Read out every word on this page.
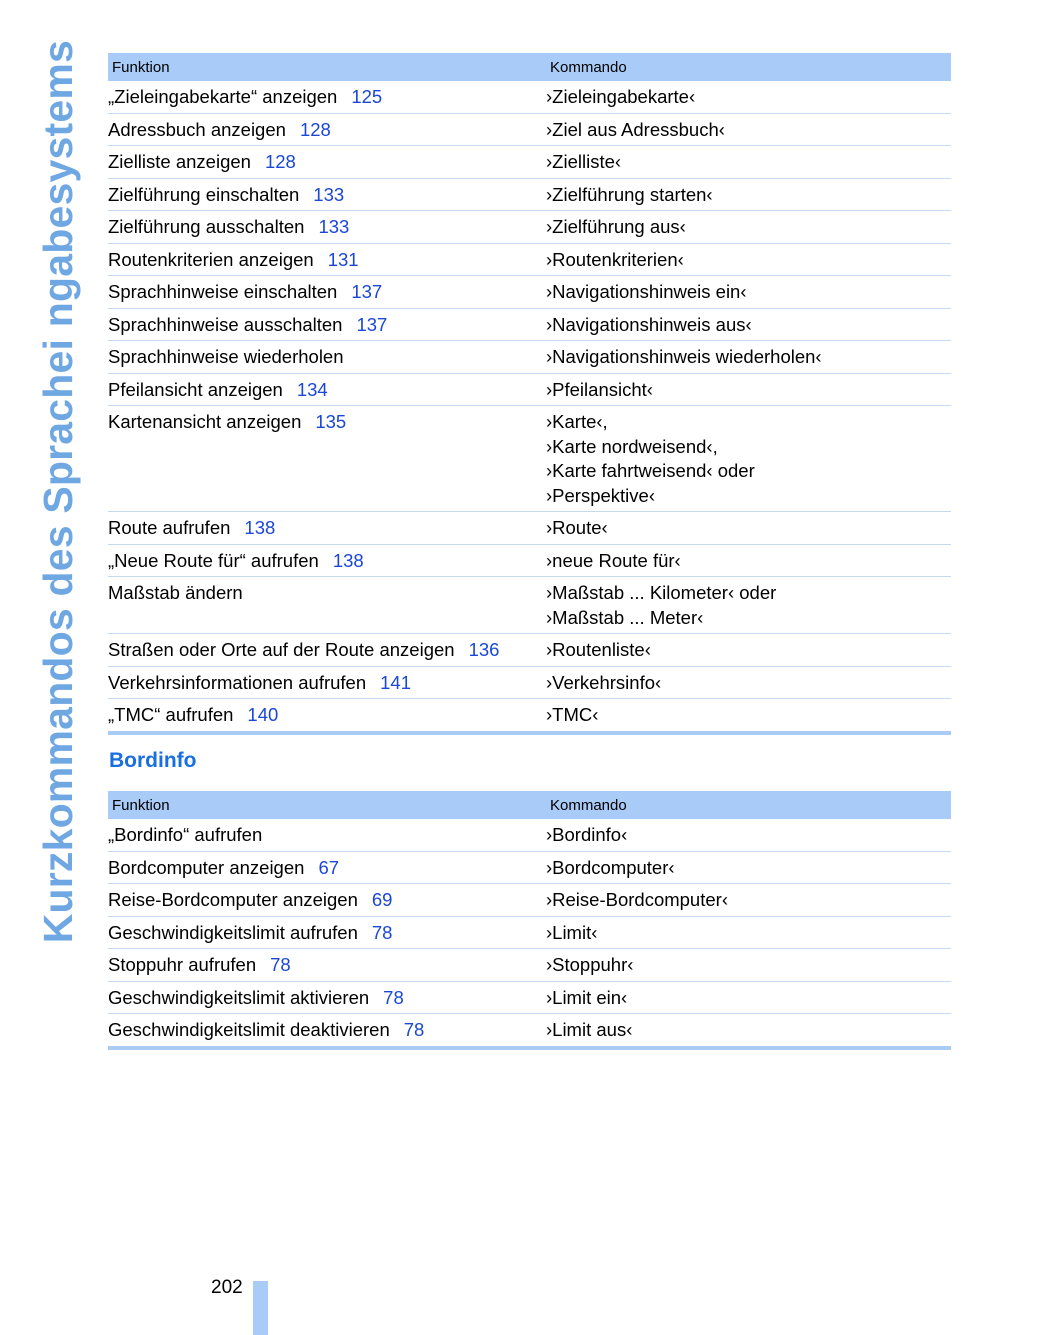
Kurzkommandos des Sprachei ngabesystems Funktion	Kommando
„Zieleingabekarte“ anzeigen 125	›Zieleingabekarte‹

Adressbuch anzeigen 128	›Ziel aus Adressbuch‹

Zielliste anzeigen 128	›Zielliste‹

Zielführung einschalten 133	›Zielführung starten‹

Zielführung ausschalten 133	›Zielführung aus‹

Routenkriterien anzeigen 131	›Routenkriterien‹

Sprachhinweise einschalten 137	›Navigationshinweis ein‹

Sprachhinweise ausschalten 137	›Navigationshinweis aus‹

Sprachhinweise wiederholen	›Navigationshinweis wiederholen‹

Pfeilansicht anzeigen 134	›Pfeilansicht‹

Kartenansicht anzeigen 135	›Karte‹,
›Karte nordweisend‹,
›Karte fahrtweisend‹ oder
›Perspektive‹

Route aufrufen 138	›Route‹

„Neue Route für“ aufrufen 138	›neue Route für‹

Maßstab ändern	›Maßstab ... Kilometer‹ oder
›Maßstab ... Meter‹

Straßen oder Orte auf der Route anzeigen 136	›Routenliste‹

Verkehrsinformationen aufrufen 141	›Verkehrsinfo‹

„TMC“ aufrufen 140	›TMC‹
Bordinfo
Funktion	Kommando
„Bordinfo“ aufrufen	›Bordinfo‹

Bordcomputer anzeigen 67	›Bordcomputer‹

Reise-Bordcomputer anzeigen 69	›Reise-Bordcomputer‹

Geschwindigkeitslimit aufrufen 78	›Limit‹

Stoppuhr aufrufen 78	›Stoppuhr‹

Geschwindigkeitslimit aktivieren 78	›Limit ein‹

Geschwindigkeitslimit deaktivieren 78	›Limit aus‹
202
